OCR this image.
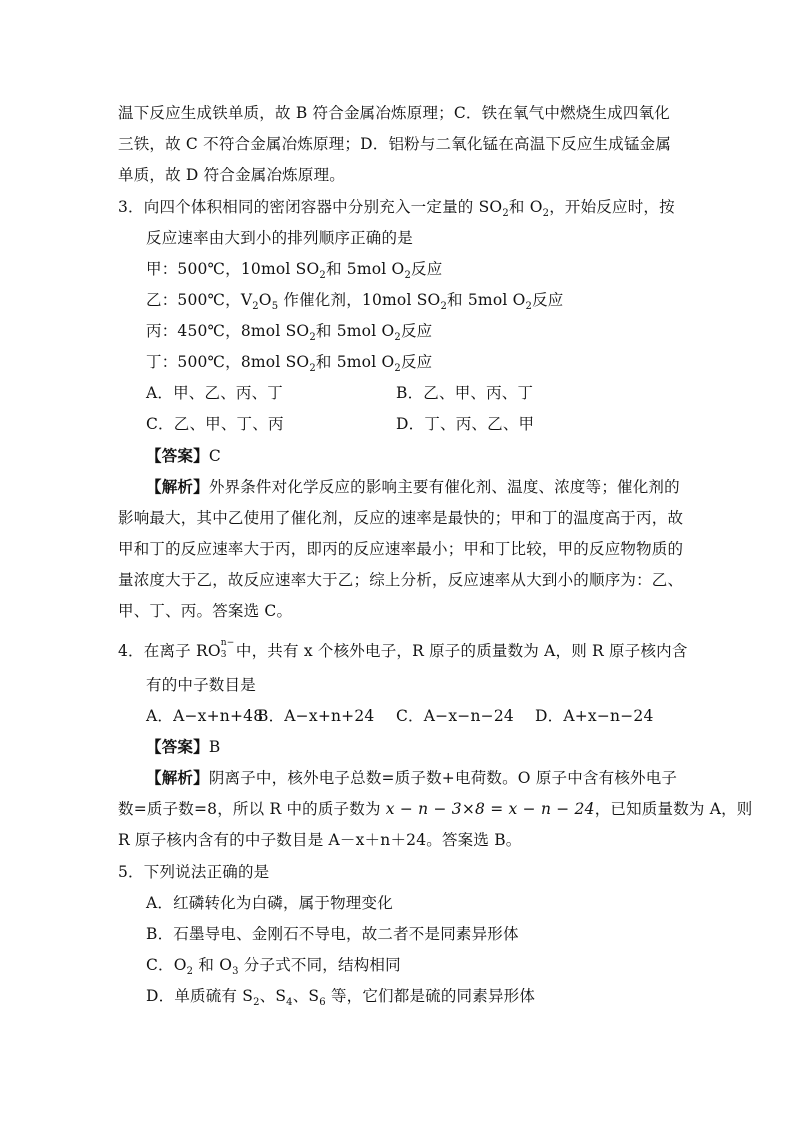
温下反应生成铁单质，故 B 符合金属冶炼原理；C．铁在氧气中燃烧生成四氧化
三铁，故 C 不符合金属冶炼原理；D．铝粉与二氧化锰在高温下反应生成锰金属
单质，故 D 符合金属冶炼原理。
3．向四个体积相同的密闭容器中分别充入一定量的 $SO_2$和 $O_2$，开始反应时，按
反应速率由大到小的排列顺序正确的是
甲：500℃，10mol $SO_2$和 5mol $O_2$反应
乙：500℃，$V_2O_5$ 作催化剂，10mol $SO_2$和 5mol $O_2$反应
丙：450℃，8mol $SO_2$和 5mol $O_2$反应
丁：500℃，8mol $SO_2$和 5mol $O_2$反应
A．甲、乙、丙、丁	B．乙、甲、丙、丁
C．乙、甲、丁、丙	D．丁、丙、乙、甲
【答案】C
【解析】外界条件对化学反应的影响主要有催化剂、温度、浓度等；催化剂的
影响最大，其中乙使用了催化剂，反应的速率是最快的；甲和丁的温度高于丙，故
甲和丁的反应速率大于丙，即丙的反应速率最小；甲和丁比较，甲的反应物物质的
量浓度大于乙，故反应速率大于乙；综上分析，反应速率从大到小的顺序为：乙、
甲、丁、丙。答案选 C。
4．在离子 RO n−
3 中，共有 x 个核外电子，R 原子的质量数为 A，则 R 原子核内含
有的中子数目是
A．A−x+n+48
B．A−x+n+24 C．A−x−n−24 D．A+x−n−24
【答案】B
【解析】阴离子中，核外电子总数=质子数+电荷数。O 原子中含有核外电子
数=质子数=8，所以 R 中的质子数为 x − n − 3×8 = x − n − 24，已知质量数为 A，则
R 原子核内含有的中子数目是 A－x＋n＋24。答案选 B。
5．下列说法正确的是
A．红磷转化为白磷，属于物理变化
B．石墨导电、金刚石不导电，故二者不是同素异形体
C．$O_2$ 和 $O_3$ 分子式不同，结构相同
D．单质硫有 $S_2$、$S_4$、$S_6$ 等，它们都是硫的同素异形体
